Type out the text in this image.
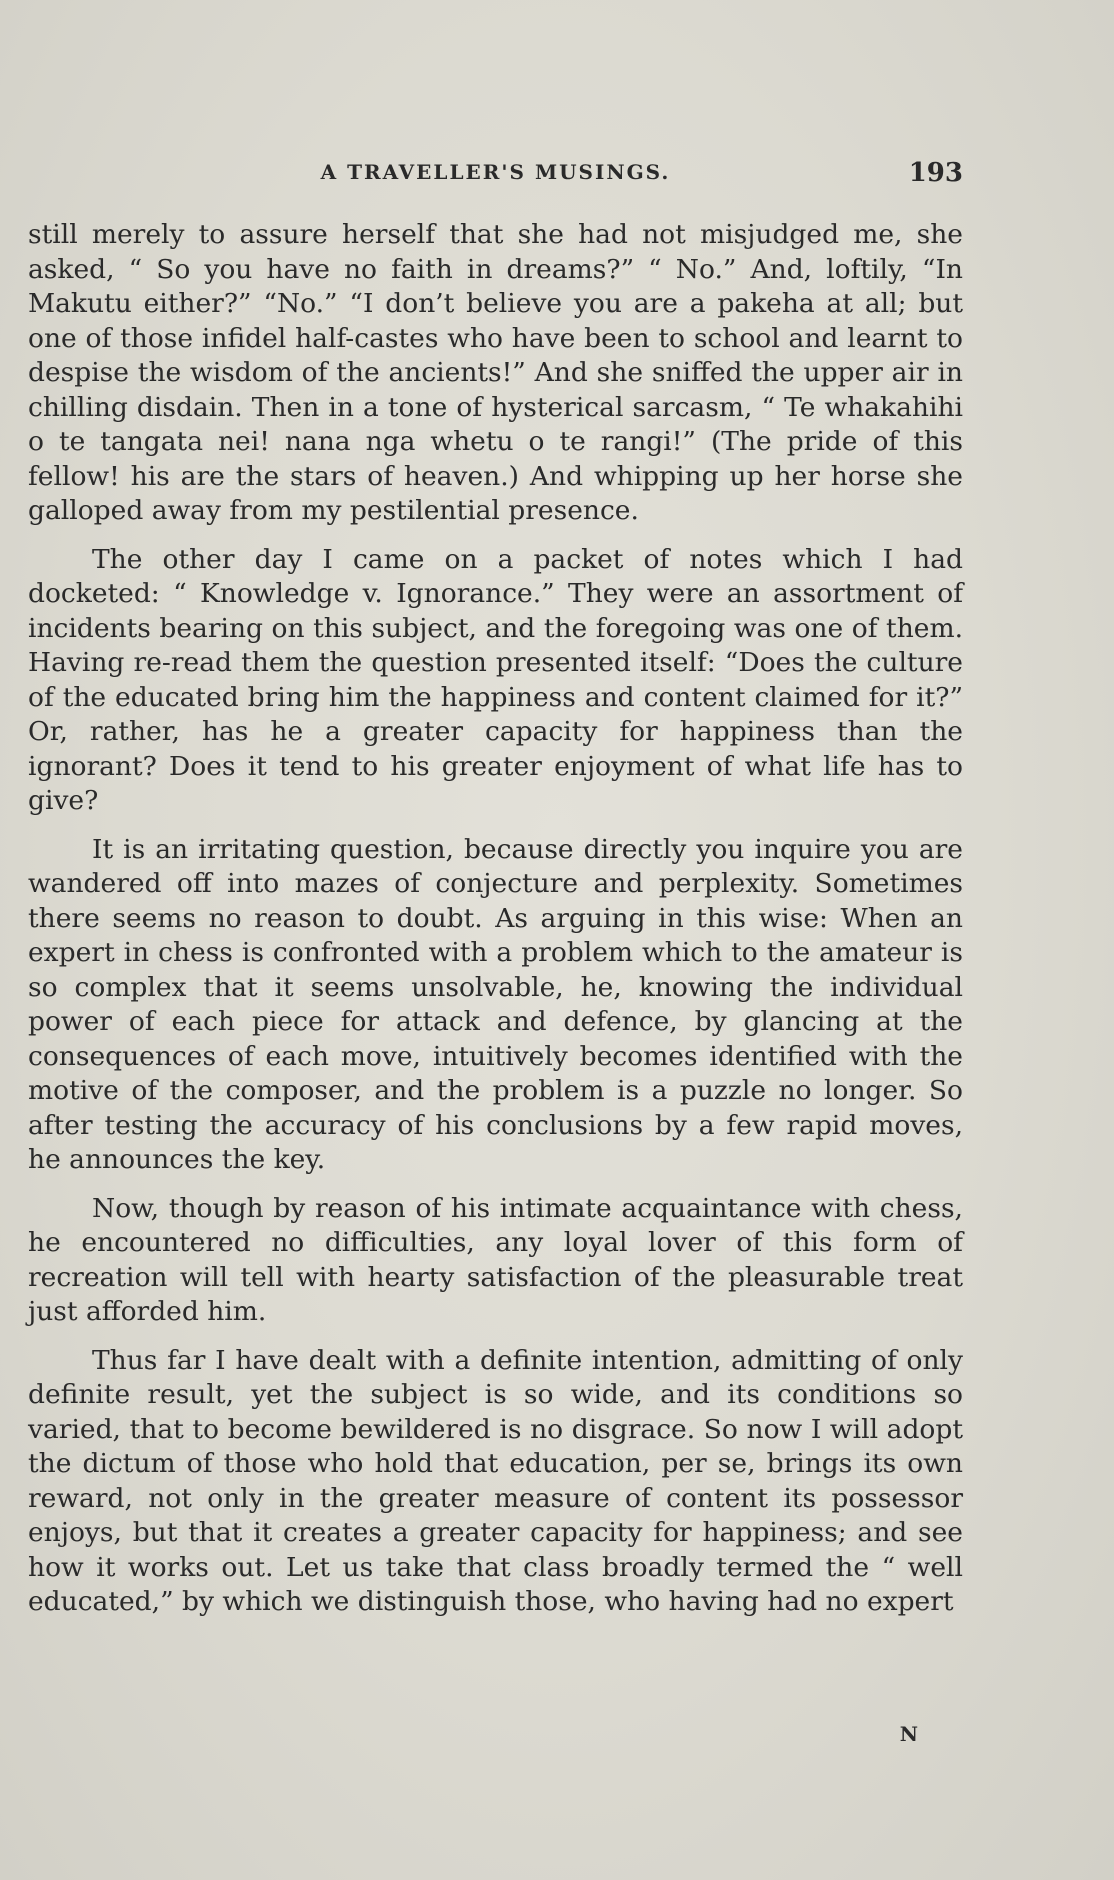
A TRAVELLER'S MUSINGS.	193

still merely to assure herself that she had not misjudged me, she asked, “ So you have no faith in dreams?” “ No.” And, loftily, “In Makutu either?” “No.” “I don’t believe you are a pakeha at all; but one of those infidel half-castes who have been to school and learnt to despise the wisdom of the ancients!” And she sniffed the upper air in chilling disdain. Then in a tone of hysterical sarcasm, “ Te whakahihi o te tangata nei! nana nga whetu o te rangi!” (The pride of this fellow! his are the stars of heaven.) And whipping up her horse she galloped away from my pestilential presence.

The other day I came on a packet of notes which I had docketed: “ Knowledge v. Ignorance.” They were an assortment of incidents bearing on this subject, and the foregoing was one of them. Having re-read them the question presented itself: “Does the culture of the educated bring him the happiness and content claimed for it?” Or, rather, has he a greater capacity for happiness than the ignorant? Does it tend to his greater enjoyment of what life has to give?

It is an irritating question, because directly you inquire you are wandered off into mazes of conjecture and perplexity. Sometimes there seems no reason to doubt. As arguing in this wise: When an expert in chess is confronted with a problem which to the amateur is so complex that it seems unsolvable, he, knowing the individual power of each piece for attack and defence, by glancing at the consequences of each move, intuitively becomes identified with the motive of the composer, and the problem is a puzzle no longer. So after testing the accuracy of his conclusions by a few rapid moves, he announces the key.

Now, though by reason of his intimate acquaintance with chess, he encountered no difficulties, any loyal lover of this form of recreation will tell with hearty satisfaction of the pleasurable treat just afforded him.

Thus far I have dealt with a definite intention, admitting of only definite result, yet the subject is so wide, and its conditions so varied, that to become bewildered is no disgrace. So now I will adopt the dictum of those who hold that education, per se, brings its own reward, not only in the greater measure of content its possessor enjoys, but that it creates a greater capacity for happiness; and see how it works out. Let us take that class broadly termed the “ well educated,” by which we distinguish those, who having had no expert

N
